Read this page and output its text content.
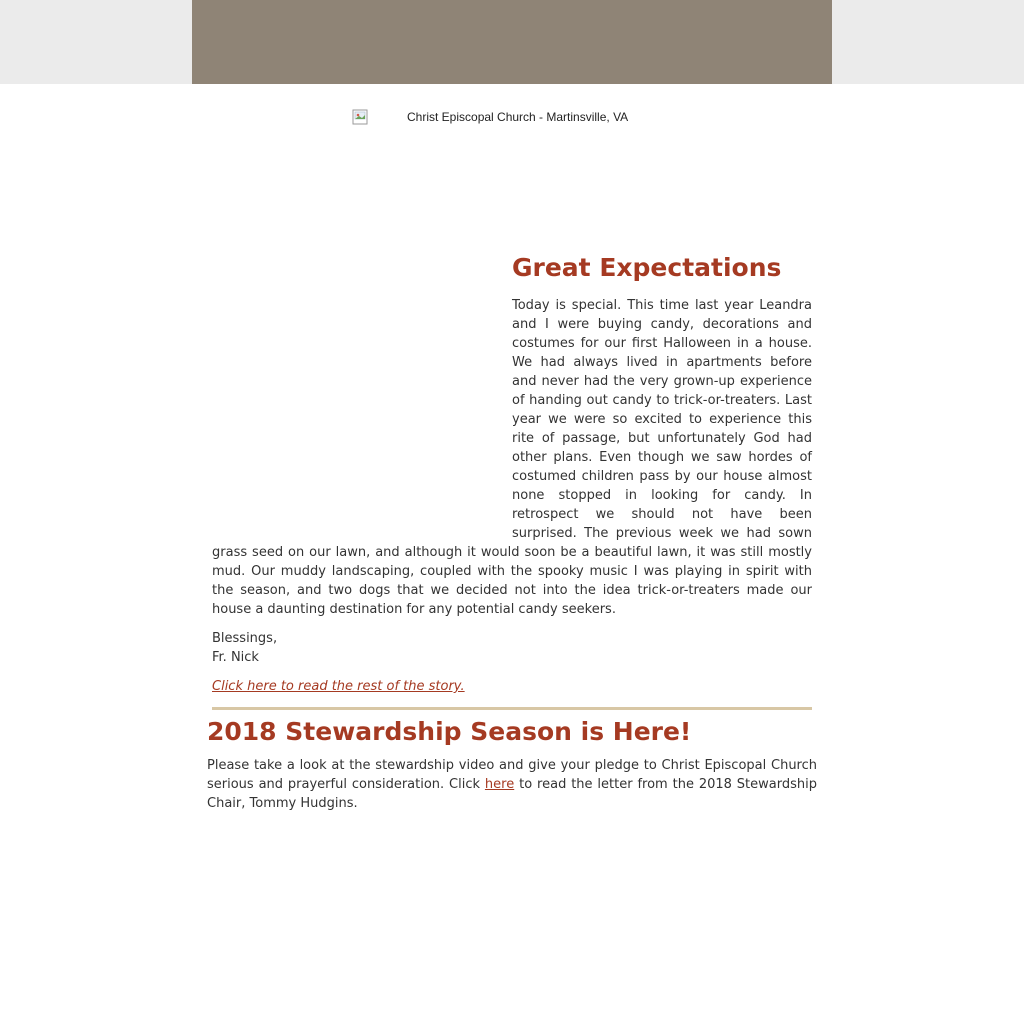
Christ Episcopal Church - Martinsville, VA
Great Expectations

Today is special. This time last year Leandra and I were buying candy, decorations and costumes for our first Halloween in a house. We had always lived in apartments before and never had the very grown-up experience of handing out candy to trick-or-treaters. Last year we were so excited to experience this rite of passage, but unfortunately God had other plans. Even though we saw hordes of costumed children pass by our house almost none stopped in looking for candy. In retrospect we should not have been surprised. The previous week we had sown grass seed on our lawn, and although it would soon be a beautiful lawn, it was still mostly mud. Our muddy landscaping, coupled with the spooky music I was playing in spirit with the season, and two dogs that we decided not into the idea trick-or-treaters made our house a daunting destination for any potential candy seekers.

Blessings,
Fr. Nick

Click here to read the rest of the story.

2018 Stewardship Season is Here!

Please take a look at the stewardship video and give your pledge to Christ Episcopal Church serious and prayerful consideration. Click here to read the letter from the 2018 Stewardship Chair, Tommy Hudgins.
